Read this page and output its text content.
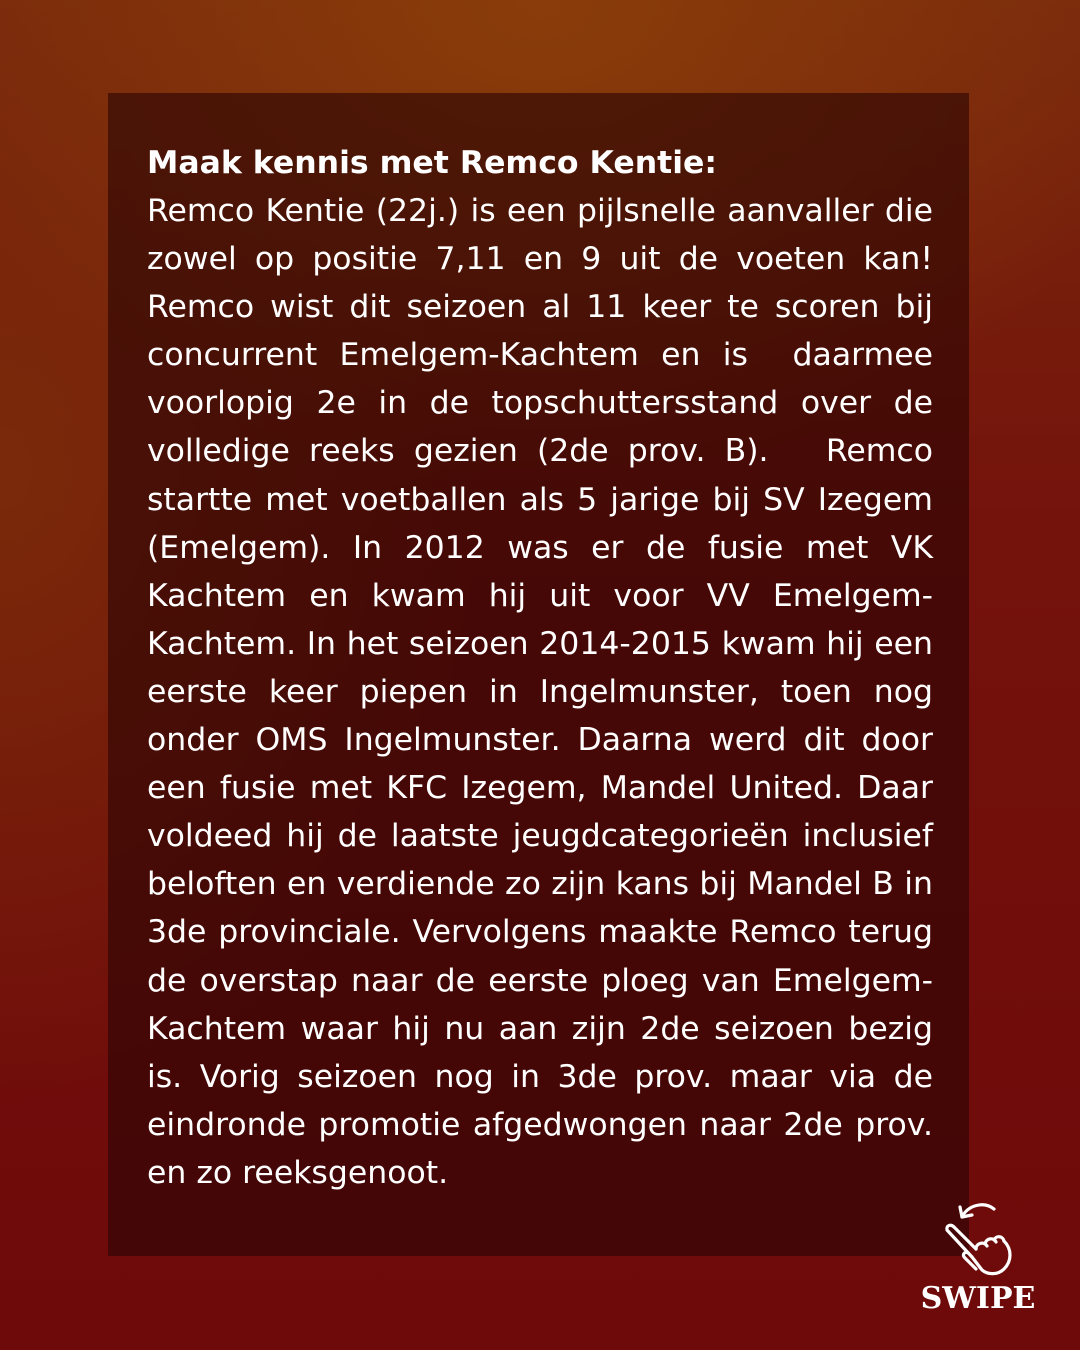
Maak kennis met Remco Kentie:

Remco Kentie (22j.) is een pijlsnelle aanvaller die zowel op positie 7,11 en 9 uit de voeten kan! Remco wist dit seizoen al 11 keer te scoren bij concurrent Emelgem-Kachtem en is  daarmee voorlopig 2e in de topschuttersstand over de volledige reeks gezien (2de prov. B).   Remco startte met voetballen als 5 jarige bij SV Izegem (Emelgem). In 2012 was er de fusie met VK Kachtem en kwam hij uit voor VV Emelgem-Kachtem. In het seizoen 2014-2015 kwam hij een eerste keer piepen in Ingelmunster, toen nog onder OMS Ingelmunster. Daarna werd dit door een fusie met KFC Izegem, Mandel United. Daar  voldeed hij de laatste jeugdcategorieën inclusief beloften en verdiende zo zijn kans bij Mandel B in 3de provinciale. Vervolgens maakte Remco terug de overstap naar de eerste ploeg van Emelgem-Kachtem waar hij nu aan zijn 2de seizoen bezig is. Vorig seizoen nog in 3de prov. maar via de eindronde promotie afgedwongen naar 2de prov. en zo reeksgenoot.

SWIPE
